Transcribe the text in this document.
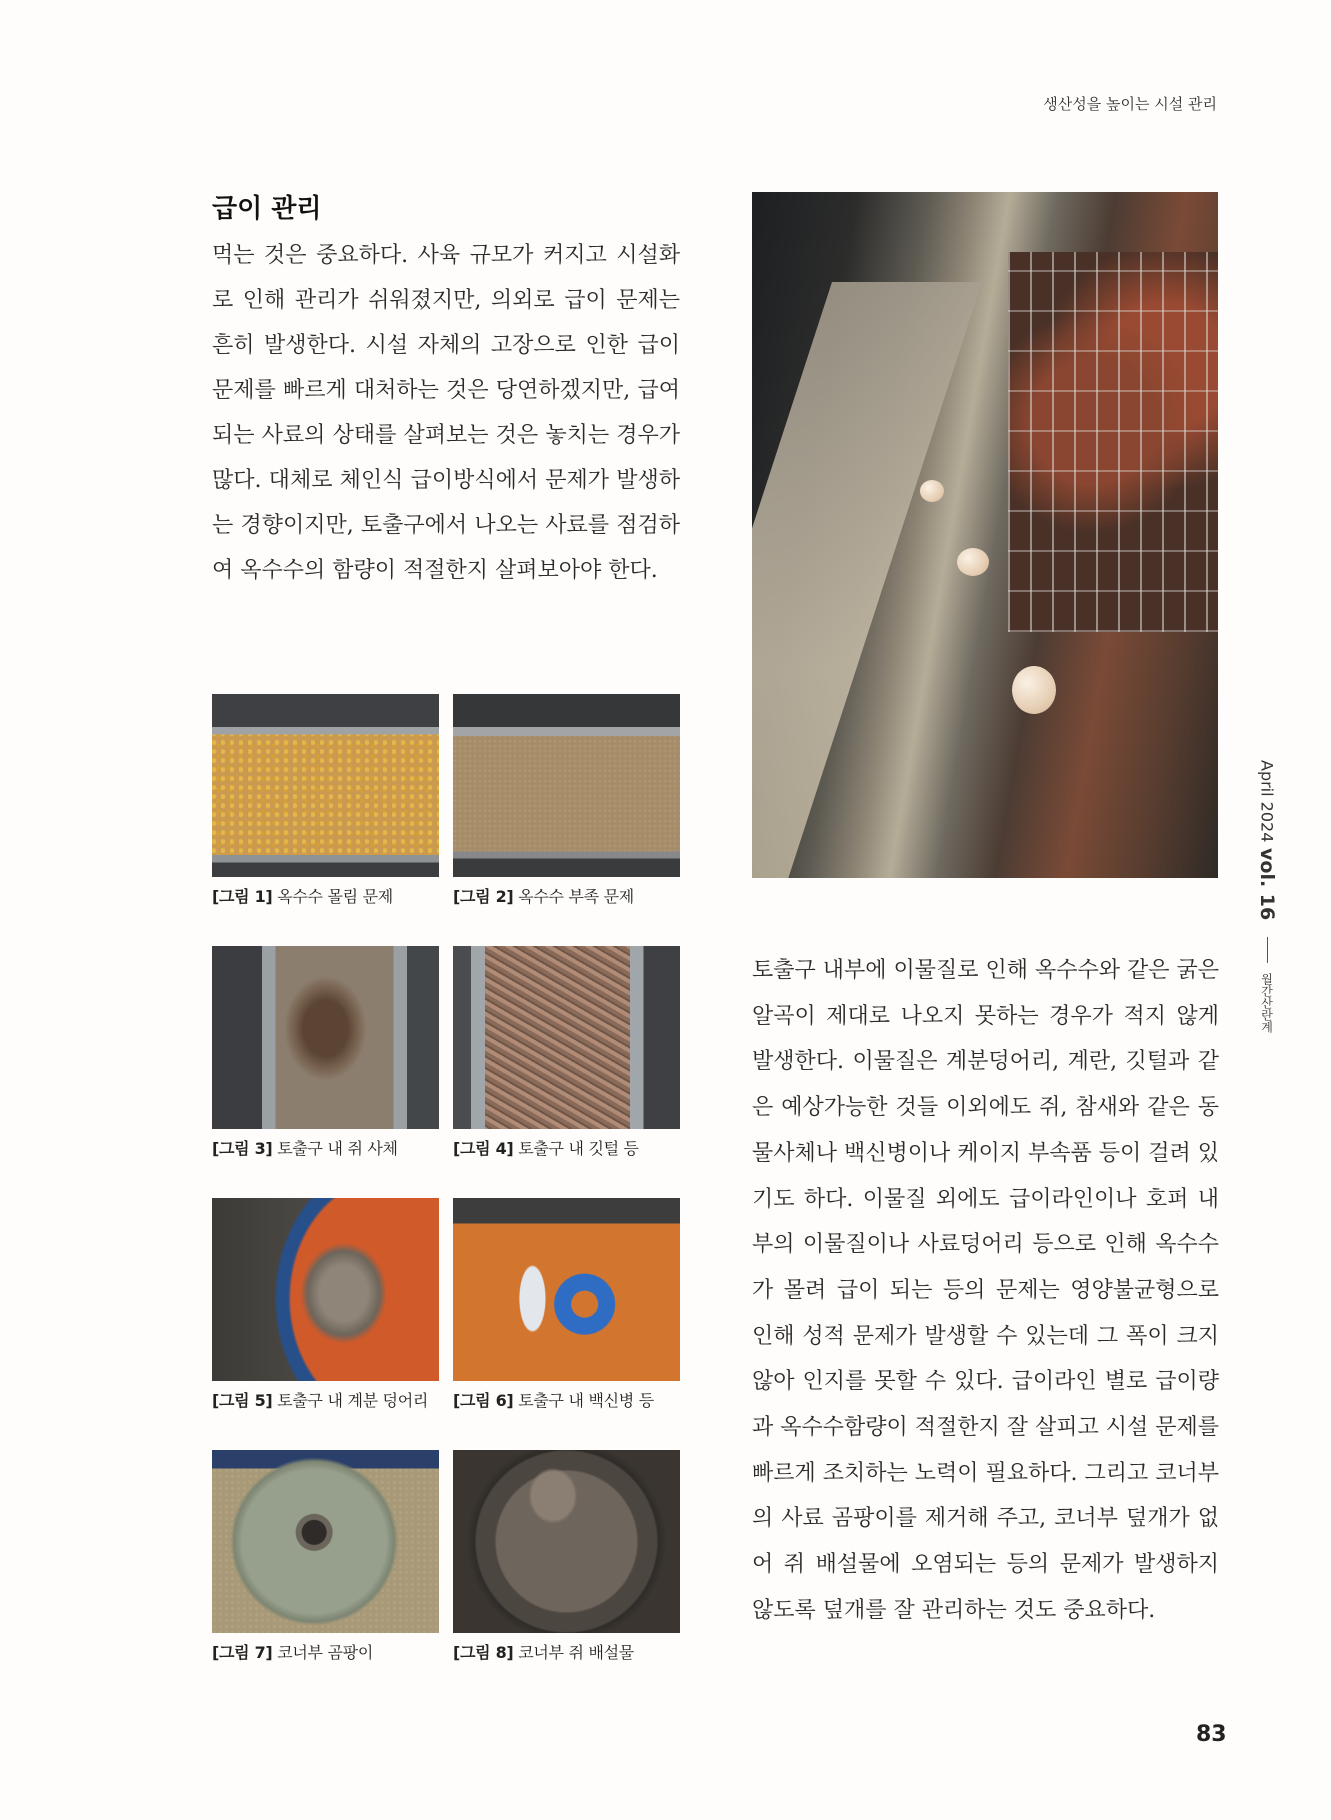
생산성을 높이는 시설 관리
급이 관리

먹는 것은 중요하다. 사육 규모가 커지고 시설화로 인해 관리가 쉬워졌지만, 의외로 급이 문제는 흔히 발생한다. 시설 자체의 고장으로 인한 급이 문제를 빠르게 대처하는 것은 당연하겠지만, 급여되는 사료의 상태를 살펴보는 것은 놓치는 경우가 많다. 대체로 체인식 급이방식에서 문제가 발생하는 경향이지만, 토출구에서 나오는 사료를 점검하여 옥수수의 함량이 적절한지 살펴보아야 한다.

[그림 1] 옥수수 몰림 문제	[그림 2] 옥수수 부족 문제
[그림 3] 토출구 내 쥐 사체	[그림 4] 토출구 내 깃털 등
[그림 5] 토출구 내 계분 덩어리	[그림 6] 토출구 내 백신병 등
[그림 7] 코너부 곰팡이	[그림 8] 코너부 쥐 배설물

토출구 내부에 이물질로 인해 옥수수와 같은 굵은 알곡이 제대로 나오지 못하는 경우가 적지 않게 발생한다. 이물질은 계분덩어리, 계란, 깃털과 같은 예상가능한 것들 이외에도 쥐, 참새와 같은 동물사체나 백신병이나 케이지 부속품 등이 걸려 있기도 하다. 이물질 외에도 급이라인이나 호퍼 내부의 이물질이나 사료덩어리 등으로 인해 옥수수가 몰려 급이 되는 등의 문제는 영양불균형으로 인해 성적 문제가 발생할 수 있는데 그 폭이 크지 않아 인지를 못할 수 있다. 급이라인 별로 급이량과 옥수수함량이 적절한지 잘 살피고 시설 문제를 빠르게 조치하는 노력이 필요하다. 그리고 코너부의 사료 곰팡이를 제거해 주고, 코너부 덮개가 없어 쥐 배설물에 오염되는 등의 문제가 발생하지 않도록 덮개를 잘 관리하는 것도 중요하다.

April 2024
vol. 16
월간산란계
83
